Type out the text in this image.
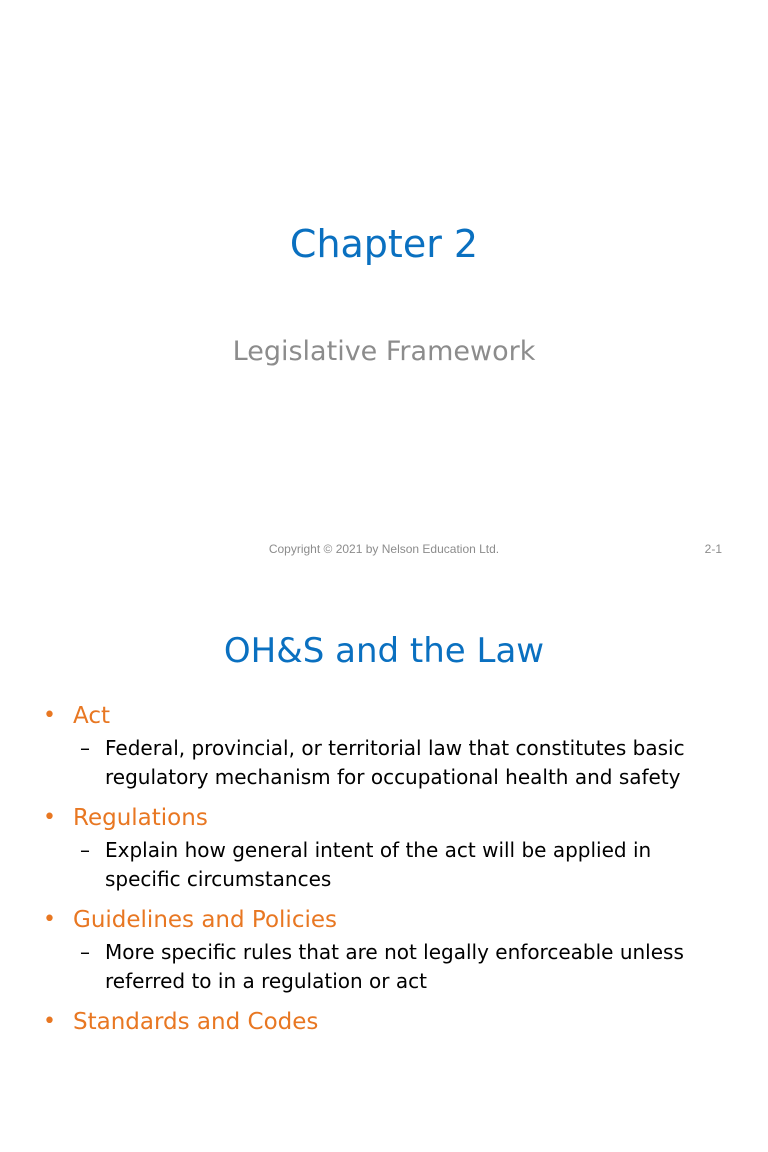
Chapter 2
Legislative Framework
Copyright © 2021 by Nelson Education Ltd.	2-1
OH&S and the Law
• Act
– Federal, provincial, or territorial law that constitutes basic regulatory mechanism for occupational health and safety
• Regulations
– Explain how general intent of the act will be applied in specific circumstances
• Guidelines and Policies
– More specific rules that are not legally enforceable unless referred to in a regulation or act
• Standards and Codes
